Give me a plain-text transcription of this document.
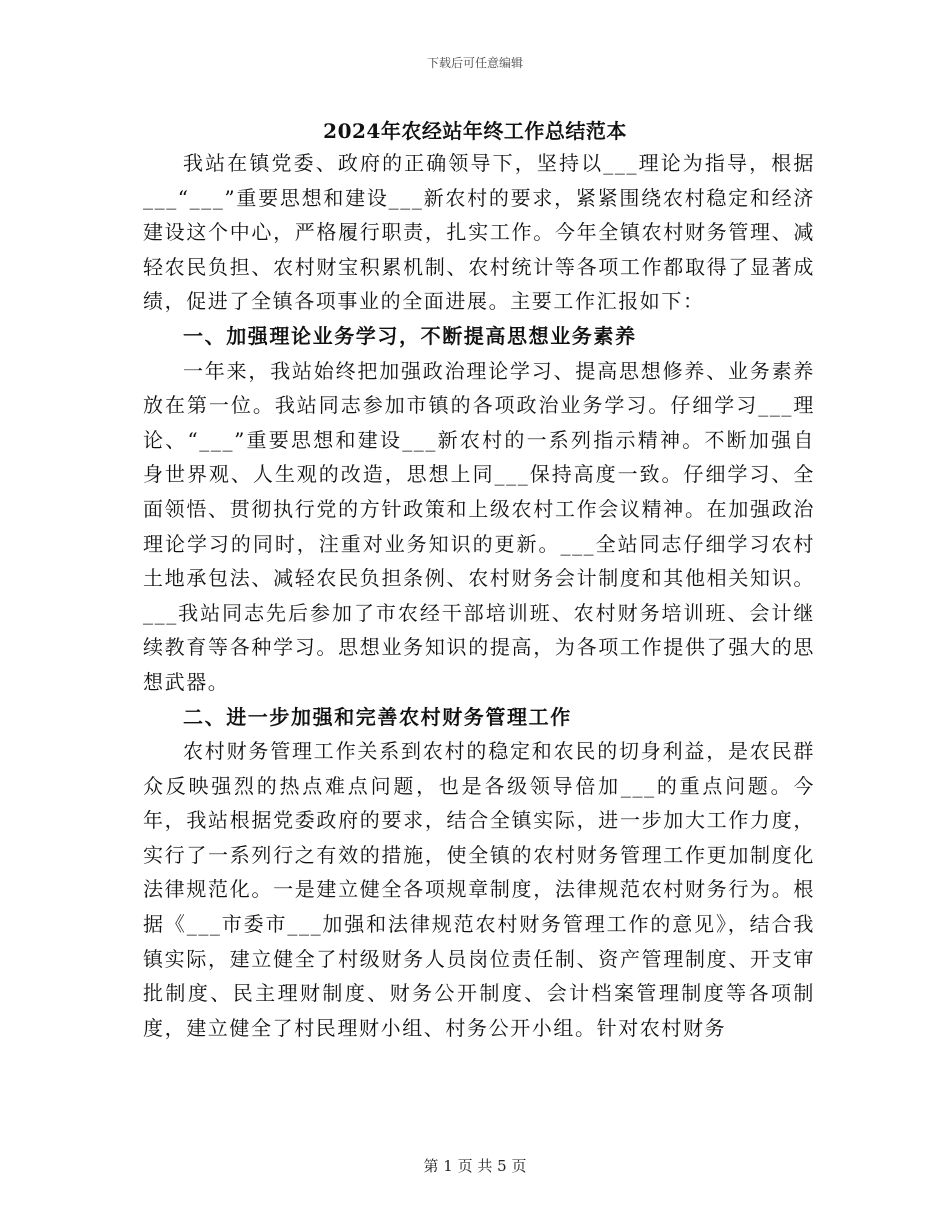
下载后可任意编辑
2024年农经站年终工作总结范本

我站在镇党委、政府的正确领导下，坚持以___理论为指导，根据___“___”重要思想和建设___新农村的要求，紧紧围绕农村稳定和经济建设这个中心，严格履行职责，扎实工作。今年全镇农村财务管理、减轻农民负担、农村财宝积累机制、农村统计等各项工作都取得了显著成绩，促进了全镇各项事业的全面进展。主要工作汇报如下：

一、加强理论业务学习，不断提高思想业务素养

一年来，我站始终把加强政治理论学习、提高思想修养、业务素养放在第一位。我站同志参加市镇的各项政治业务学习。仔细学习___理论、“___”重要思想和建设___新农村的一系列指示精神。不断加强自身世界观、人生观的改造，思想上同___保持高度一致。仔细学习、全面领悟、贯彻执行党的方针政策和上级农村工作会议精神。在加强政治理论学习的同时，注重对业务知识的更新。___全站同志仔细学习农村土地承包法、减轻农民负担条例、农村财务会计制度和其他相关知识。___我站同志先后参加了市农经干部培训班、农村财务培训班、会计继续教育等各种学习。思想业务知识的提高，为各项工作提供了强大的思想武器。

二、进一步加强和完善农村财务管理工作

农村财务管理工作关系到农村的稳定和农民的切身利益，是农民群众反映强烈的热点难点问题，也是各级领导倍加___的重点问题。今年，我站根据党委政府的要求，结合全镇实际，进一步加大工作力度，实行了一系列行之有效的措施，使全镇的农村财务管理工作更加制度化法律规范化。一是建立健全各项规章制度，法律规范农村财务行为。根据《___市委市___加强和法律规范农村财务管理工作的意见》，结合我镇实际，建立健全了村级财务人员岗位责任制、资产管理制度、开支审批制度、民主理财制度、财务公开制度、会计档案管理制度等各项制度，建立健全了村民理财小组、村务公开小组。针对农村财务

第 1 页 共 5 页
